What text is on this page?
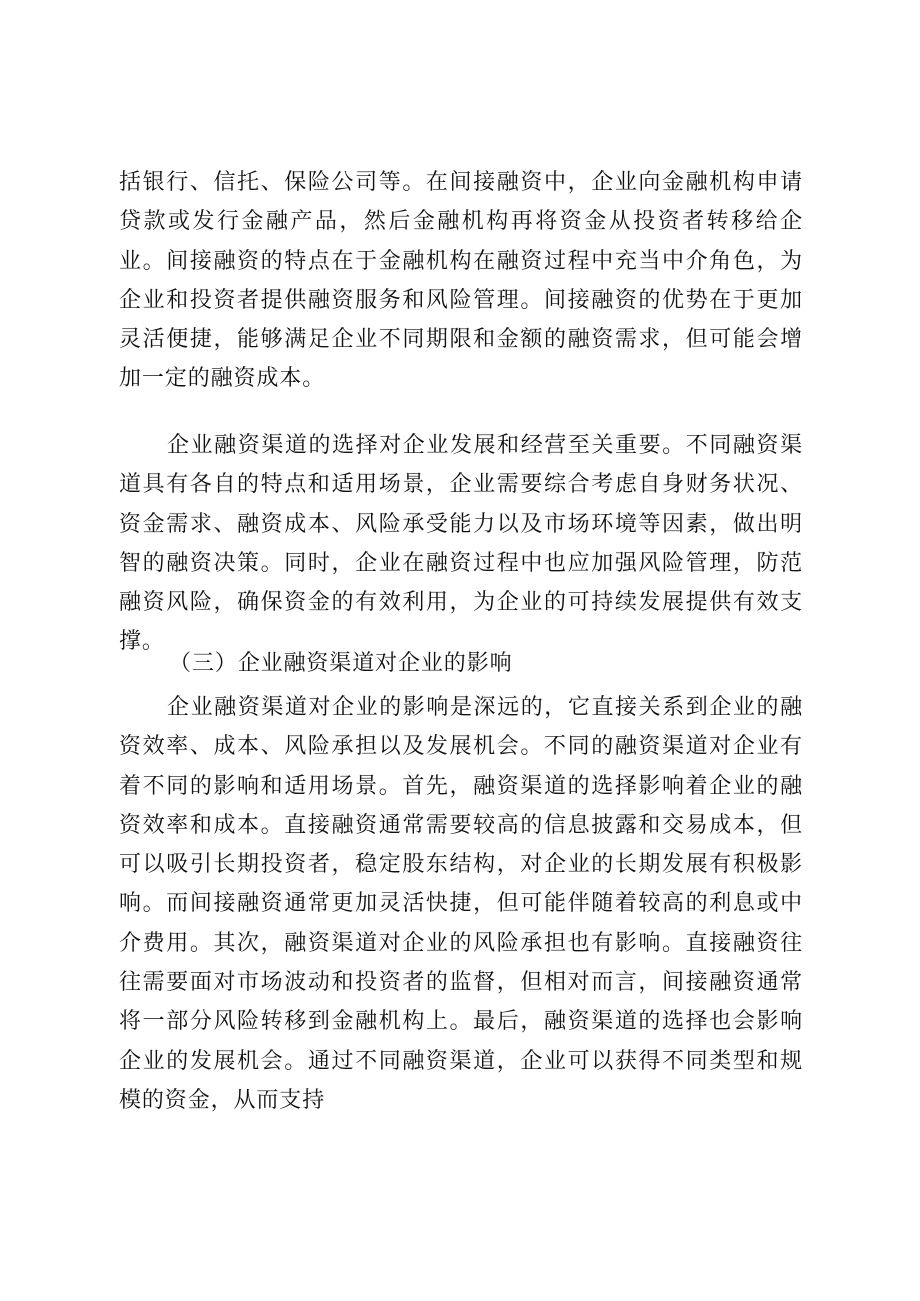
括银行、信托、保险公司等。在间接融资中，企业向金融机构申请贷款或发行金融产品，然后金融机构再将资金从投资者转移给企业。间接融资的特点在于金融机构在融资过程中充当中介角色，为企业和投资者提供融资服务和风险管理。间接融资的优势在于更加灵活便捷，能够满足企业不同期限和金额的融资需求，但可能会增加一定的融资成本。

企业融资渠道的选择对企业发展和经营至关重要。不同融资渠道具有各自的特点和适用场景，企业需要综合考虑自身财务状况、资金需求、融资成本、风险承受能力以及市场环境等因素，做出明智的融资决策。同时，企业在融资过程中也应加强风险管理，防范融资风险，确保资金的有效利用，为企业的可持续发展提供有效支撑。

（三）企业融资渠道对企业的影响

企业融资渠道对企业的影响是深远的，它直接关系到企业的融资效率、成本、风险承担以及发展机会。不同的融资渠道对企业有着不同的影响和适用场景。首先，融资渠道的选择影响着企业的融资效率和成本。直接融资通常需要较高的信息披露和交易成本，但可以吸引长期投资者，稳定股东结构，对企业的长期发展有积极影响。而间接融资通常更加灵活快捷，但可能伴随着较高的利息或中介费用。其次，融资渠道对企业的风险承担也有影响。直接融资往往需要面对市场波动和投资者的监督，但相对而言，间接融资通常将一部分风险转移到金融机构上。最后，融资渠道的选择也会影响企业的发展机会。通过不同融资渠道，企业可以获得不同类型和规模的资金，从而支持
